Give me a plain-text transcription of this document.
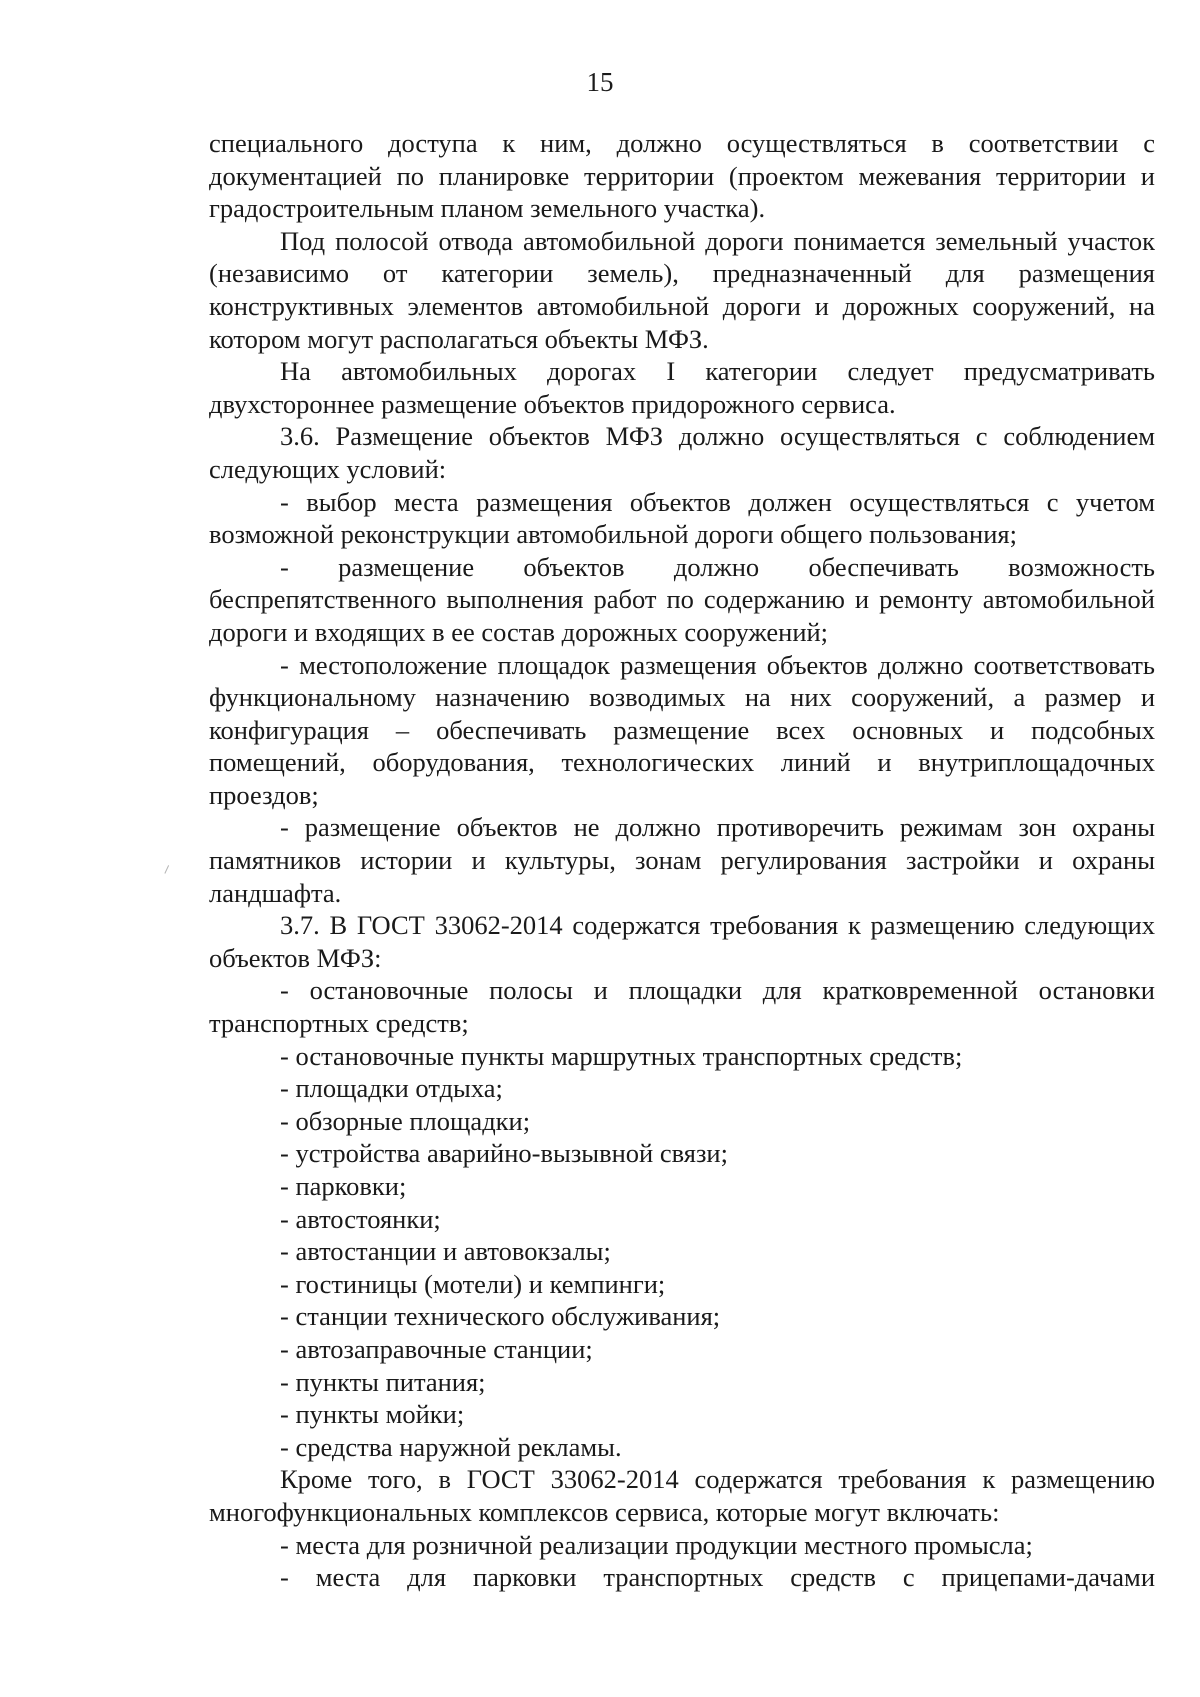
15

специального доступа к ним, должно осуществляться в соответствии с документацией по планировке территории (проектом межевания территории и градостроительным планом земельного участка).

Под полосой отвода автомобильной дороги понимается земельный участок (независимо от категории земель), предназначенный для размещения конструктивных элементов автомобильной дороги и дорожных сооружений, на котором могут располагаться объекты МФЗ.

На автомобильных дорогах I категории следует предусматривать двухстороннее размещение объектов придорожного сервиса.

3.6. Размещение объектов МФЗ должно осуществляться с соблюдением следующих условий:

- выбор места размещения объектов должен осуществляться с учетом возможной реконструкции автомобильной дороги общего пользования;

- размещение объектов должно обеспечивать возможность беспрепятственного выполнения работ по содержанию и ремонту автомобильной дороги и входящих в ее состав дорожных сооружений;

- местоположение площадок размещения объектов должно соответствовать функциональному назначению возводимых на них сооружений, а размер и конфигурация – обеспечивать размещение всех основных и подсобных помещений, оборудования, технологических линий и внутриплощадочных проездов;

- размещение объектов не должно противоречить режимам зон охраны памятников истории и культуры, зонам регулирования застройки и охраны ландшафта.

3.7. В ГОСТ 33062-2014 содержатся требования к размещению следующих объектов МФЗ:

- остановочные полосы и площадки для кратковременной остановки транспортных средств;

- остановочные пункты маршрутных транспортных средств;
- площадки отдыха;
- обзорные площадки;
- устройства аварийно-вызывной связи;
- парковки;
- автостоянки;
- автостанции и автовокзалы;
- гостиницы (мотели) и кемпинги;
- станции технического обслуживания;
- автозаправочные станции;
- пункты питания;
- пункты мойки;
- средства наружной рекламы.

Кроме того, в ГОСТ 33062-2014 содержатся требования к размещению многофункциональных комплексов сервиса, которые могут включать:

- места для розничной реализации продукции местного промысла;

- места для парковки транспортных средств с прицепами-дачами
